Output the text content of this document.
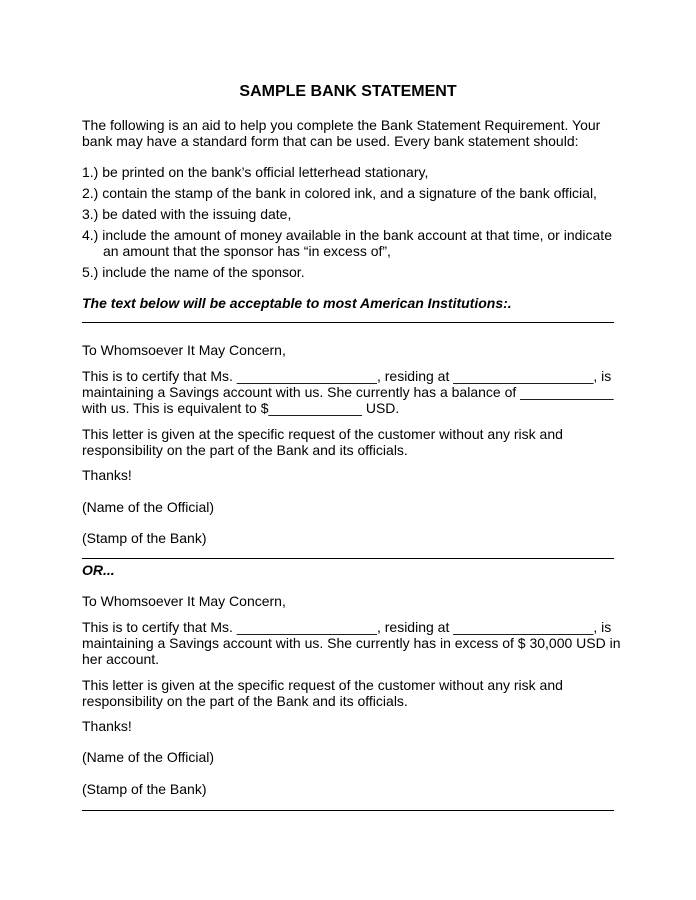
SAMPLE BANK STATEMENT
The following is an aid to help you complete the Bank Statement Requirement. Your
bank may have a standard form that can be used. Every bank statement should:
1.) be printed on the bank’s official letterhead stationary,
2.) contain the stamp of the bank in colored ink, and a signature of the bank official,
3.) be dated with the issuing date,
4.) include the amount of money available in the bank account at that time, or indicate
an amount that the sponsor has “in excess of”,
5.) include the name of the sponsor.
The text below will be acceptable to most American Institutions:.
To Whomsoever It May Concern,
This is to certify that Ms. __________________, residing at __________________, is
maintaining a Savings account with us. She currently has a balance of ____________
with us. This is equivalent to $____________ USD.
This letter is given at the specific request of the customer without any risk and
responsibility on the part of the Bank and its officials.
Thanks!
(Name of the Official)
(Stamp of the Bank)
OR...
To Whomsoever It May Concern,
This is to certify that Ms. __________________, residing at __________________, is
maintaining a Savings account with us. She currently has in excess of $ 30,000 USD in
her account.
This letter is given at the specific request of the customer without any risk and
responsibility on the part of the Bank and its officials.
Thanks!
(Name of the Official)
(Stamp of the Bank)
